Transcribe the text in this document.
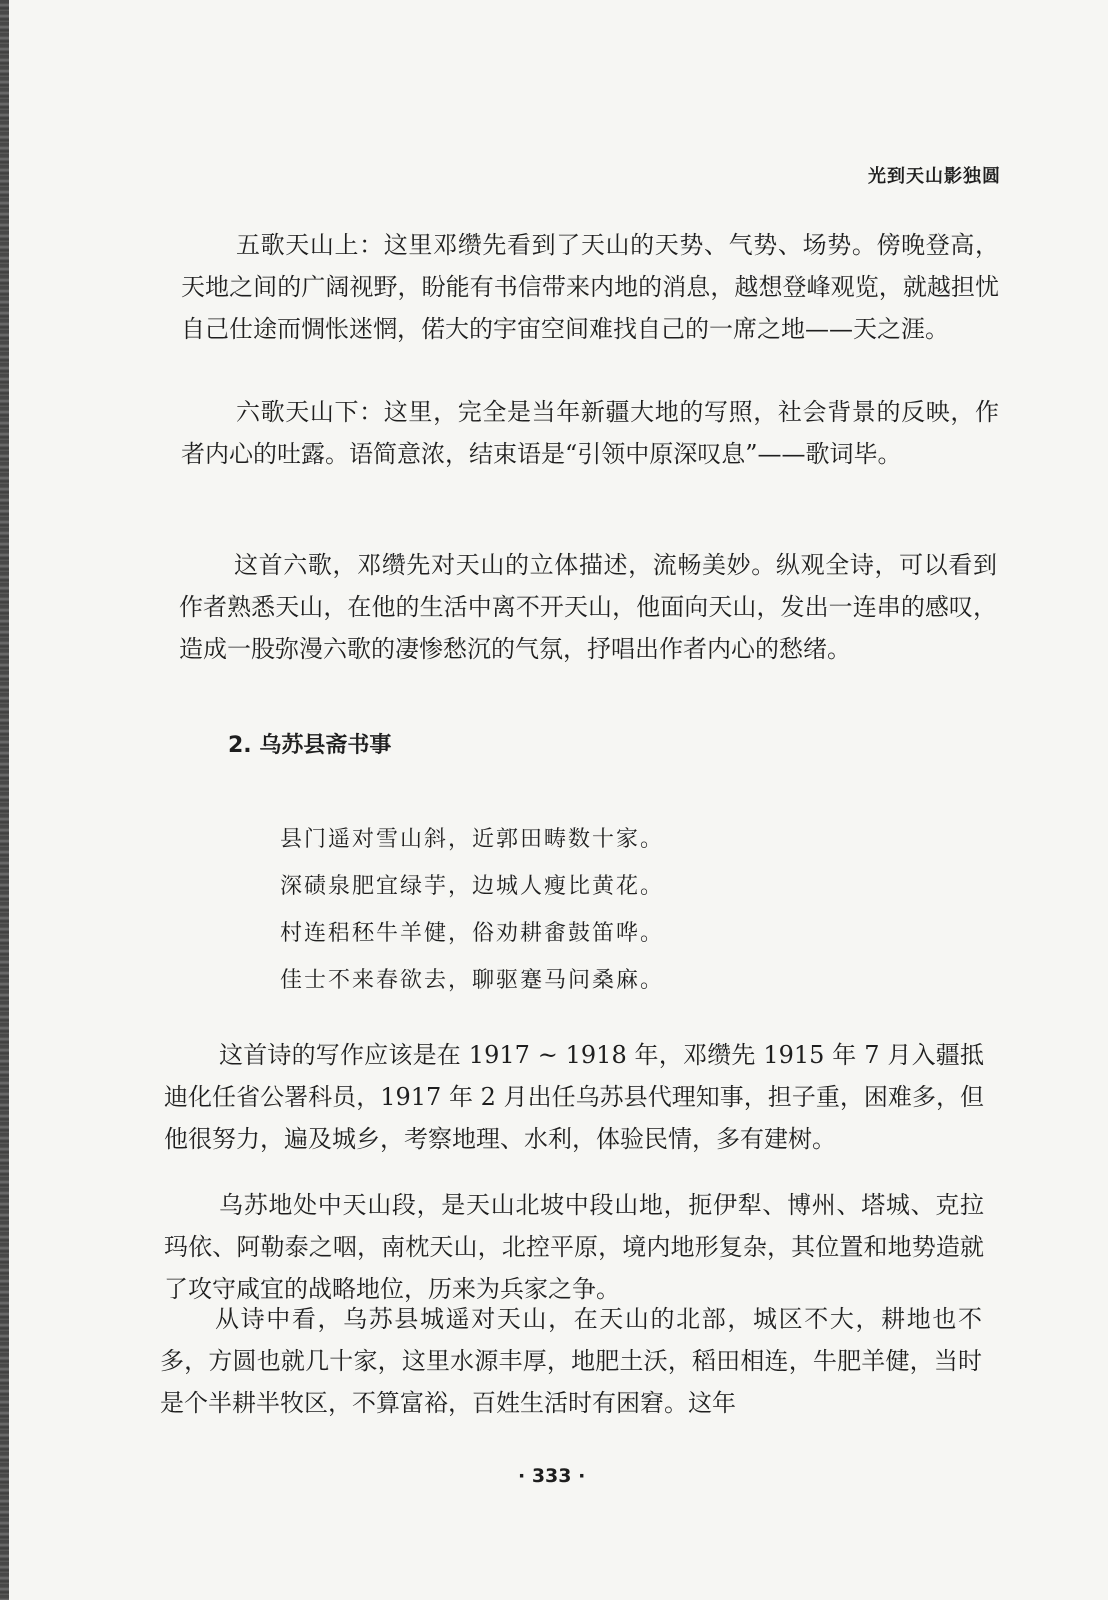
光到天山影独圆

五歌天山上：这里邓缵先看到了天山的天势、气势、场势。傍晚登高，天地之间的广阔视野，盼能有书信带来内地的消息，越想登峰观览，就越担忧自己仕途而惆怅迷惘，偌大的宇宙空间难找自己的一席之地——天之涯。

六歌天山下：这里，完全是当年新疆大地的写照，社会背景的反映，作者内心的吐露。语简意浓，结束语是“引领中原深叹息”——歌词毕。

这首六歌，邓缵先对天山的立体描述，流畅美妙。纵观全诗，可以看到作者熟悉天山，在他的生活中离不开天山，他面向天山，发出一连串的感叹，造成一股弥漫六歌的凄惨愁沉的气氛，抒唱出作者内心的愁绪。

2. 乌苏县斋书事
县门遥对雪山斜，近郭田畴数十家。
深碛泉肥宜绿芋，边城人瘦比黄花。
村连稆秠牛羊健，俗劝耕畬鼓笛哗。
佳士不来春欲去，聊驱蹇马问桑麻。

这首诗的写作应该是在 1917 ~ 1918 年，邓缵先 1915 年 7 月入疆抵迪化任省公署科员，1917 年 2 月出任乌苏县代理知事，担子重，困难多，但他很努力，遍及城乡，考察地理、水利，体验民情，多有建树。

乌苏地处中天山段，是天山北坡中段山地，扼伊犁、博州、塔城、克拉玛依、阿勒泰之咽，南枕天山，北控平原，境内地形复杂，其位置和地势造就了攻守咸宜的战略地位，历来为兵家之争。

从诗中看，乌苏县城遥对天山，在天山的北部，城区不大，耕地也不多，方圆也就几十家，这里水源丰厚，地肥土沃，稻田相连，牛肥羊健，当时是个半耕半牧区，不算富裕，百姓生活时有困窘。这年

· 333 ·
